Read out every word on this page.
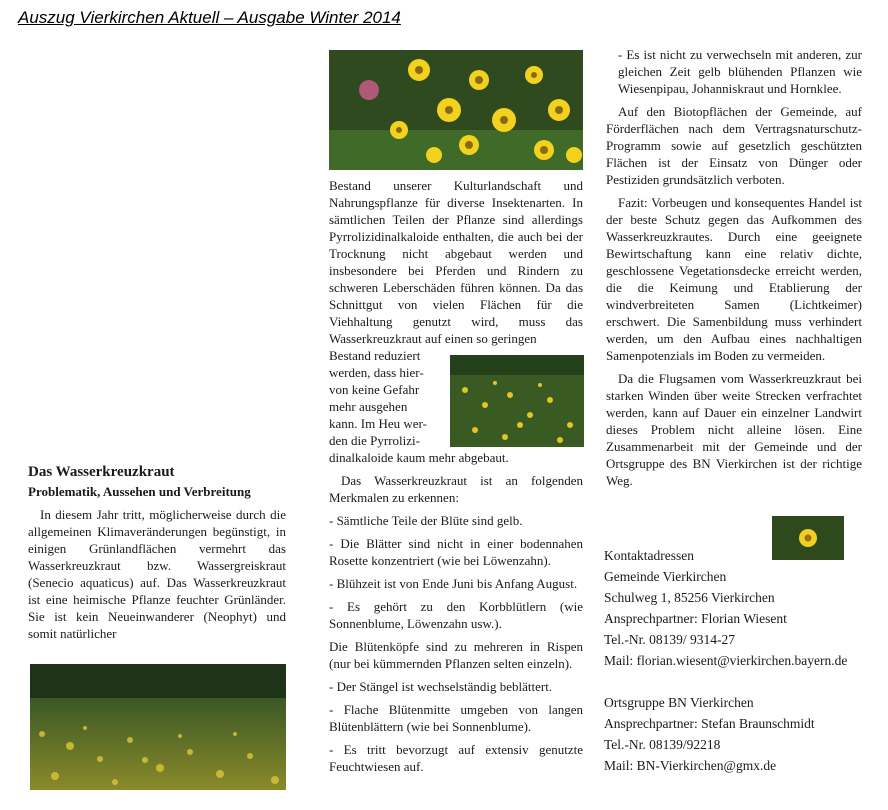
Auszug Vierkirchen Aktuell – Ausgabe Winter 2014
Das Wasserkreuzkraut
Problematik, Aussehen und Verbreitung

In diesem Jahr tritt, möglicherweise durch die allgemeinen Klimaveränderungen begünstigt, in einigen Grünlandflächen vermehrt das Wasserkreuzkraut bzw. Wassergreiskraut (Senecio aquaticus) auf. Das Wasserkreuzkraut ist eine heimische Pflanze feuchter Grünländer. Sie ist kein Neueinwanderer (Neophyt) und somit natürlicher

Bestand unserer Kulturlandschaft und Nahrungspflanze für diverse Insektenarten. In sämtlichen Teilen der Pflanze sind allerdings Pyrrolizidinalkaloide enthalten, die auch bei der Trocknung nicht abgebaut werden und insbesondere bei Pferden und Rindern zu schweren Leberschäden führen können. Da das Schnittgut von vielen Flächen für die Viehhaltung genutzt wird, muss das Wasserkreuzkraut auf einen so geringen

Bestand reduziert
werden, dass hier-
von keine Gefahr
mehr ausgehen
kann. Im Heu wer-
den die Pyrrolizi-

dinalkaloide kaum mehr abgebaut.

Das Wasserkreuzkraut ist an folgenden Merkmalen zu erkennen:

- Sämtliche Teile der Blüte sind gelb.

- Die Blätter sind nicht in einer bodennahen Rosette konzentriert (wie bei Löwenzahn).

- Blühzeit ist von Ende Juni bis Anfang August.

- Es gehört zu den Korbblütlern (wie Sonnenblume, Löwenzahn usw.).

Die Blütenköpfe sind zu mehreren in Rispen (nur bei kümmernden Pflanzen selten einzeln).

- Der Stängel ist wechselständig beblättert.

- Flache Blütenmitte umgeben von langen Blütenblättern (wie bei Sonnenblume).

- Es tritt bevorzugt auf extensiv genutzte Feuchtwiesen auf.

- Es ist nicht zu verwechseln mit anderen, zur gleichen Zeit gelb blühenden Pflanzen wie Wiesenpipau, Johanniskraut und Hornklee.

Auf den Biotopflächen der Gemeinde, auf Förderflächen nach dem Vertragsnaturschutz-Programm sowie auf gesetzlich geschützten Flächen ist der Einsatz von Dünger oder Pestiziden grundsätzlich verboten.

Fazit: Vorbeugen und konsequentes Handel ist der beste Schutz gegen das Aufkommen des Wasserkreuzkrautes. Durch eine geeignete Bewirtschaftung kann eine relativ dichte, geschlossene Vegetationsdecke erreicht werden, die die Keimung und Etablierung der windverbreiteten Samen (Lichtkeimer) erschwert. Die Samenbildung muss verhindert werden, um den Aufbau eines nachhaltigen Samenpotenzials im Boden zu vermeiden.

Da die Flugsamen vom Wasserkreuzkraut bei starken Winden über weite Strecken verfrachtet werden, kann auf Dauer ein einzelner Landwirt dieses Problem nicht alleine lösen. Eine Zusammenarbeit mit der Gemeinde und der Ortsgruppe des BN Vierkirchen ist der richtige Weg.

Kontaktadressen
Gemeinde Vierkirchen
Schulweg 1, 85256 Vierkirchen
Ansprechpartner: Florian Wiesent
Tel.-Nr. 08139/ 9314-27
Mail: florian.wiesent@vierkirchen.bayern.de
Ortsgruppe BN Vierkirchen
Ansprechpartner: Stefan Braunschmidt
Tel.-Nr. 08139/92218
Mail: BN-Vierkirchen@gmx.de
